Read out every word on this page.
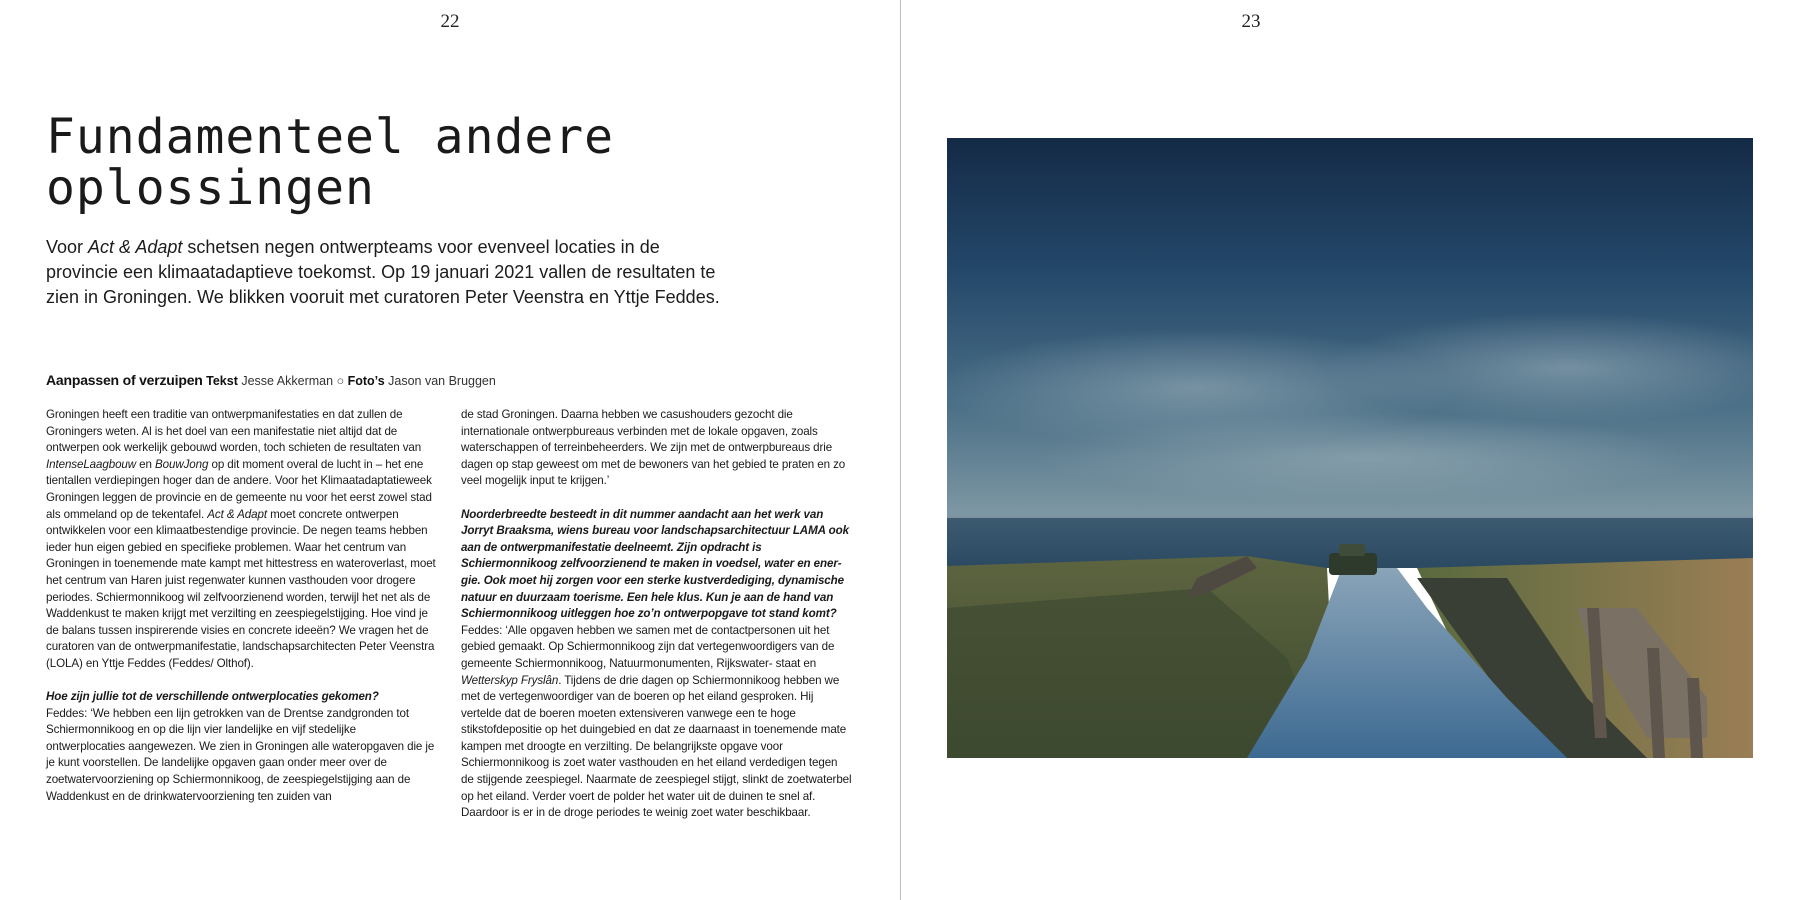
22
Fundamenteel andere
oplossingen

Voor Act & Adapt schetsen negen ontwerpteams voor evenveel locaties in de provincie een klimaatadaptieve toekomst. Op 19 januari 2021 vallen de resultaten te zien in Groningen. We blikken vooruit met curatoren Peter Veenstra en Yttje Feddes.

Aanpassen of verzuipen Tekst Jesse Akkerman ○ Foto’s Jason van Bruggen

Groningen heeft een traditie van ontwerpmanifestaties en dat zullen de Groningers weten. Al is het doel van een manifestatie niet altijd dat de ontwerpen ook werkelijk gebouwd worden, toch schieten de resultaten van IntenseLaagbouw en BouwJong op dit moment overal de lucht in – het ene tientallen verdiepingen hoger dan de andere. Voor het Klimaatadaptatieweek Groningen leggen de provincie en de gemeente nu voor het eerst zowel stad als ommeland op de tekentafel. Act & Adapt moet concrete ontwerpen ontwikkelen voor een klimaatbestendige provincie. De negen teams hebben ieder hun eigen gebied en specifieke problemen. Waar het centrum van Groningen in toenemende mate kampt met hittestress en wateroverlast, moet het centrum van Haren juist regenwater kunnen vasthouden voor drogere periodes. Schiermonnikoog wil zelfvoorzienend worden, terwijl het net als de Waddenkust te maken krijgt met verzilting en zeespiegelstijging. Hoe vind je de balans tussen inspirerende visies en concrete ideeën? We vragen het de curatoren van de ontwerpmanifestatie, landschapsarchitecten Peter Veenstra (LOLA) en Yttje Feddes (Feddes/ Olthof).

Hoe zijn jullie tot de verschillende ontwerplocaties gekomen?
Feddes: ‘We hebben een lijn getrokken van de Drentse zandgronden tot Schiermonnikoog en op die lijn vier landelijke en vijf stedelijke ontwerplocaties aangewezen. We zien in Groningen alle wateropgaven die je je kunt voorstellen. De landelijke opgaven gaan onder meer over de zoetwatervoorziening op Schiermonnikoog, de zeespiegelstijging aan de Waddenkust en de drinkwatervoorziening ten zuiden van

de stad Groningen. Daarna hebben we casushouders gezocht die internationale ontwerpbureaus verbinden met de lokale opgaven, zoals waterschappen of terreinbeheerders. We zijn met de ontwerpbureaus drie dagen op stap geweest om met de bewoners van het gebied te praten en zo veel mogelijk input te krijgen.’

Noorderbreedte besteedt in dit nummer aandacht aan het werk van Jorryt Braaksma, wiens bureau voor landschapsarchitectuur LAMA ook aan de ontwerpmanifestatie deelneemt. Zijn opdracht is Schiermonnikoog zelfvoorzienend te maken in voedsel, water en ener- gie. Ook moet hij zorgen voor een sterke kustverdediging, dynamische natuur en duurzaam toerisme. Een hele klus. Kun je aan de hand van Schiermonnikoog uitleggen hoe zo’n ontwerpopgave tot stand komt?
Feddes: ‘Alle opgaven hebben we samen met de contactpersonen uit het gebied gemaakt. Op Schiermonnikoog zijn dat vertegenwoordigers van de gemeente Schiermonnikoog, Natuurmonumenten, Rijkswater- staat en Wetterskyp Fryslân. Tijdens de drie dagen op Schiermonnikoog hebben we met de vertegenwoordiger van de boeren op het eiland gesproken. Hij vertelde dat de boeren moeten extensiveren vanwege een te hoge stikstofdepositie op het duingebied en dat ze daarnaast in toenemende mate kampen met droogte en verzilting. De belangrijkste opgave voor Schiermonnikoog is zoet water vasthouden en het eiland verdedigen tegen de stijgende zeespiegel. Naarmate de zeespiegel stijgt, slinkt de zoetwaterbel op het eiland. Verder voert de polder het water uit de duinen te snel af. Daardoor is er in de droge periodes te weinig zoet water beschikbaar.

23
